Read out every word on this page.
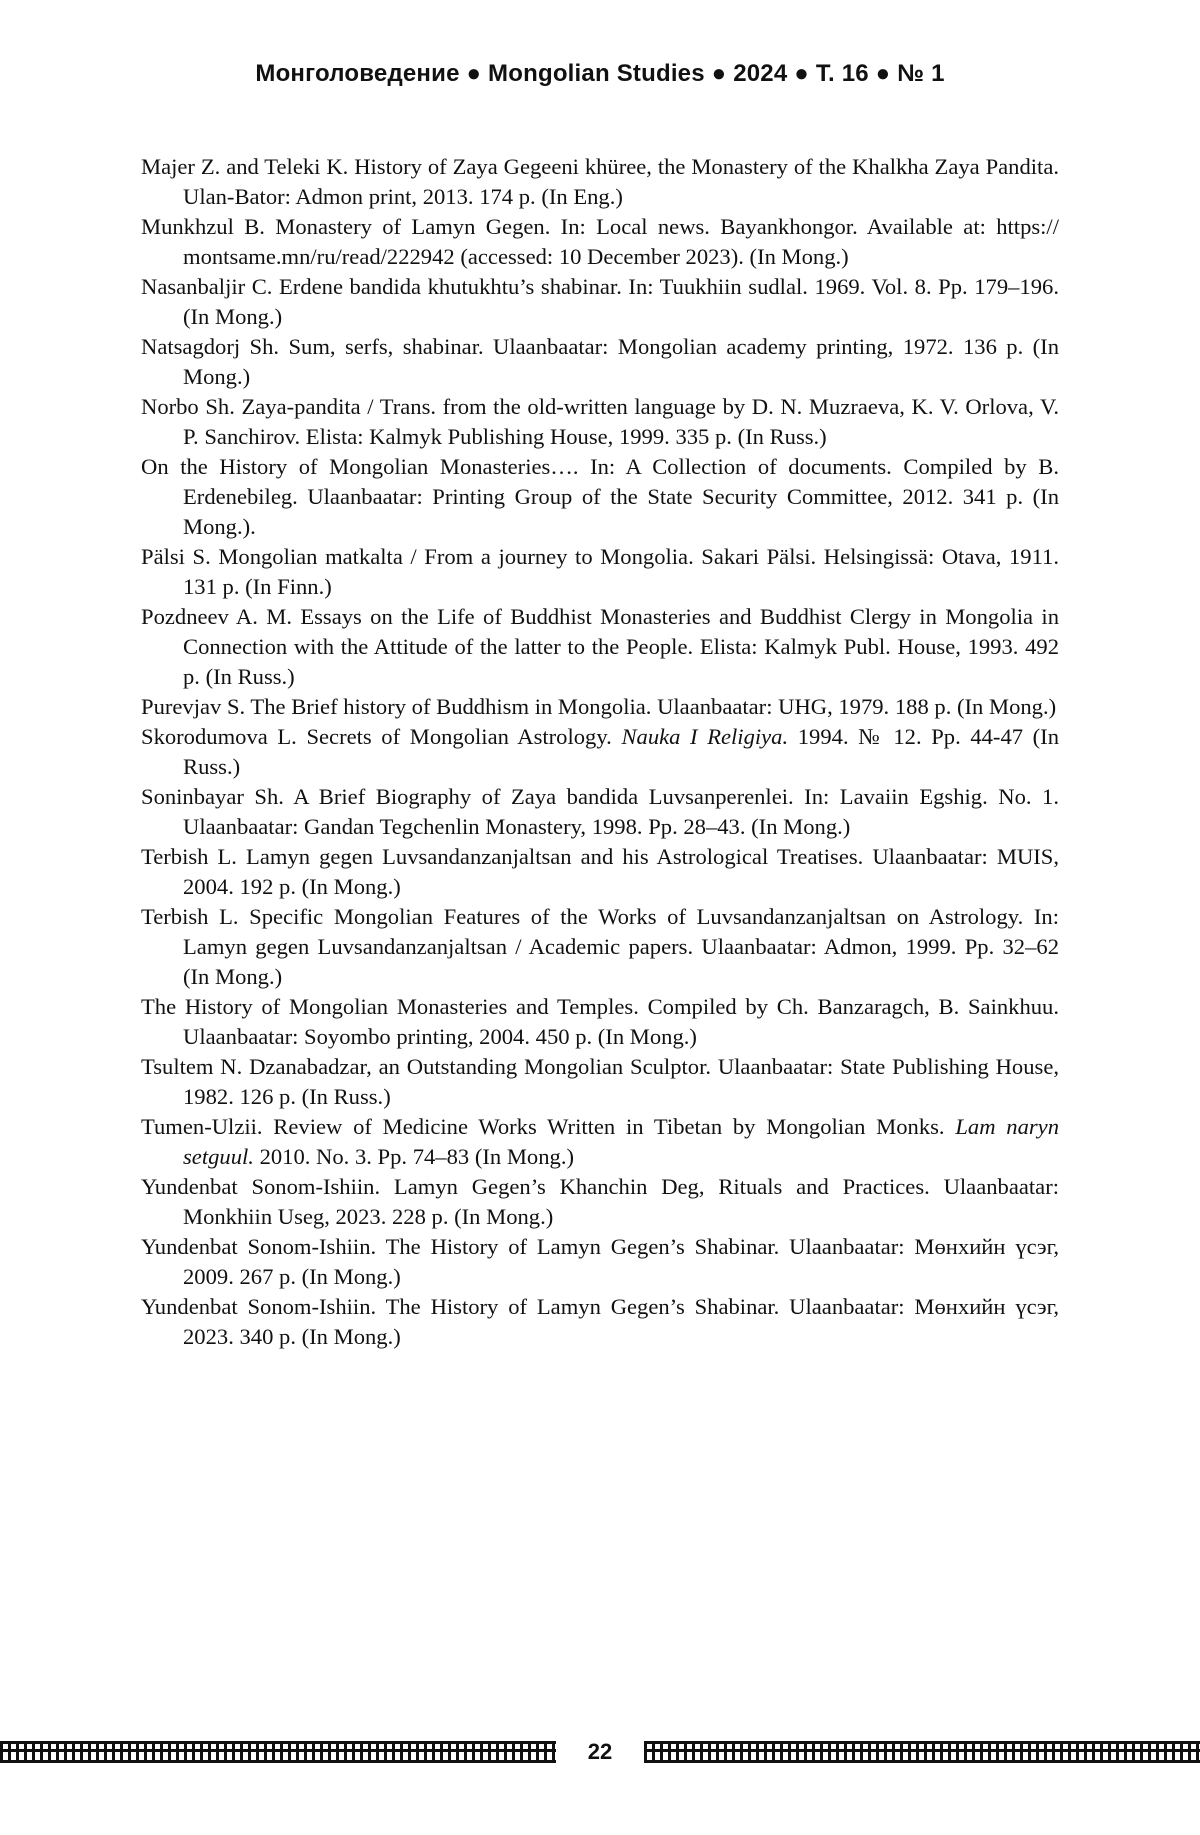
Монголоведение ● Mongolian Studies ● 2024 ● Т. 16 ● № 1

Majer Z. and Teleki K. History of Zaya Gegeeni khüree, the Monastery of the Khalkha Zaya Pandita. Ulan-Bator: Admon print, 2013. 174 p. (In Eng.)

Munkhzul B. Monastery of Lamyn Gegen. In: Local news. Bayankhongor. Available at: https:// montsame.mn/ru/read/222942 (accessed: 10 December 2023). (In Mong.)

Nasanbaljir C. Erdene bandida khutukhtu’s shabinar. In: Tuukhiin sudlal. 1969. Vol. 8. Pp. 179–196. (In Mong.)

Natsagdorj Sh. Sum, serfs, shabinar. Ulaanbaatar: Mongolian academy printing, 1972. 136 p. (In Mong.)

Norbo Sh. Zaya-pandita / Trans. from the old-written language by D. N. Muzraeva, K. V. Orlova, V. P. Sanchirov. Elista: Kalmyk Publishing House, 1999. 335 p. (In Russ.)

On the History of Mongolian Monasteries…. In: A Collection of documents. Compiled by B. Erdenebileg. Ulaanbaatar: Printing Group of the State Security Committee, 2012. 341 p. (In Mong.).

Pälsi S. Mongolian matkalta / From a journey to Mongolia. Sakari Pälsi. Helsingissä: Otava, 1911. 131 p. (In Finn.)

Pozdneev A. M. Essays on the Life of Buddhist Monasteries and Buddhist Clergy in Mongolia in Connection with the Attitude of the latter to the People. Elista: Kalmyk Publ. House, 1993. 492 p. (In Russ.)

Purevjav S. The Brief history of Buddhism in Mongolia. Ulaanbaatar: UHG, 1979. 188 p. (In Mong.)

Skorodumova L. Secrets of Mongolian Astrology. Nauka I Religiya. 1994. № 12. Pp. 44-47 (In Russ.)

Soninbayar Sh. A Brief Biography of Zaya bandida Luvsanperenlei. In: Lavaiin Egshig. No. 1. Ulaanbaatar: Gandan Tegchenlin Monastery, 1998. Pp. 28–43. (In Mong.)

Terbish L. Lamyn gegen Luvsandanzanjaltsan and his Astrological Treatises. Ulaanbaatar: MUIS, 2004. 192 p. (In Mong.)

Terbish L. Specific Mongolian Features of the Works of Luvsandanzanjaltsan on Astrology. In: Lamyn gegen Luvsandanzanjaltsan / Academic papers. Ulaanbaatar: Admon, 1999. Pp. 32–62 (In Mong.)

The History of Mongolian Monasteries and Temples. Compiled by Ch. Banzaragch, B. Sainkhuu. Ulaanbaatar: Soyombo printing, 2004. 450 p. (In Mong.)

Tsultem N. Dzanabadzar, an Outstanding Mongolian Sculptor. Ulaanbaatar: State Publishing House, 1982. 126 p. (In Russ.)

Tumen-Ulzii. Review of Medicine Works Written in Tibetan by Mongolian Monks. Lam naryn setguul. 2010. No. 3. Pp. 74–83 (In Mong.)

Yundenbat Sonom-Ishiin. Lamyn Gegen’s Khanchin Deg, Rituals and Practices. Ulaanbaatar: Monkhiin Useg, 2023. 228 p. (In Mong.)

Yundenbat Sonom-Ishiin. The History of Lamyn Gegen’s Shabinar. Ulaanbaatar: Мөнхийн үсэг, 2009. 267 p. (In Mong.)

Yundenbat Sonom-Ishiin. The History of Lamyn Gegen’s Shabinar. Ulaanbaatar: Мөнхийн үсэг, 2023. 340 p. (In Mong.)

22
